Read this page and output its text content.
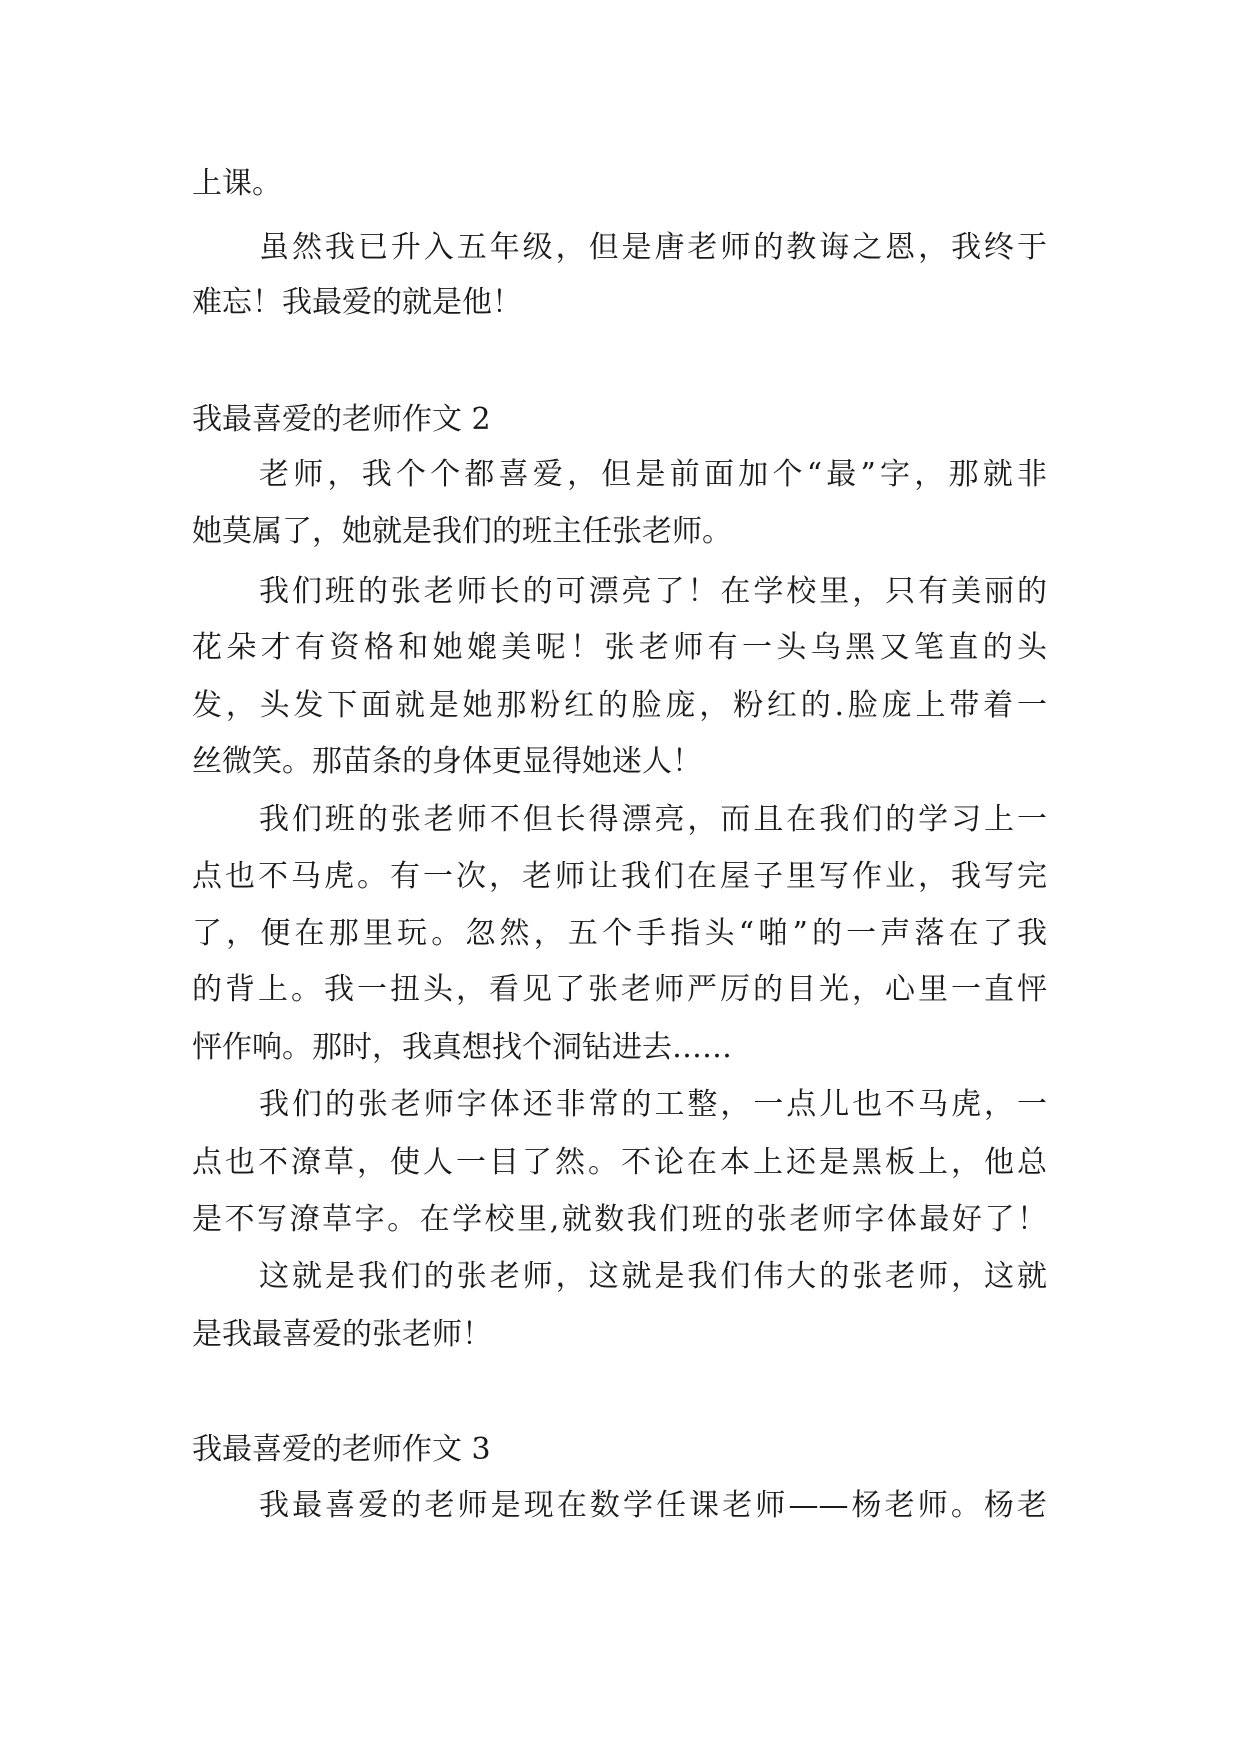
上课。
虽然我已升入五年级，但是唐老师的教诲之恩，我终于
难忘！我最爱的就是他！
我最喜爱的老师作文 2
老师，我个个都喜爱，但是前面加个“最”字，那就非
她莫属了，她就是我们的班主任张老师。
我们班的张老师长的可漂亮了！在学校里，只有美丽的
花朵才有资格和她媲美呢！张老师有一头乌黑又笔直的头
发，头发下面就是她那粉红的脸庞，粉红的.脸庞上带着一
丝微笑。那苗条的身体更显得她迷人！
我们班的张老师不但长得漂亮，而且在我们的学习上一
点也不马虎。有一次，老师让我们在屋子里写作业，我写完
了，便在那里玩。忽然，五个手指头“啪”的一声落在了我
的背上。我一扭头，看见了张老师严厉的目光，心里一直怦
怦作响。那时，我真想找个洞钻进去……
我们的张老师字体还非常的工整，一点儿也不马虎，一
点也不潦草，使人一目了然。不论在本上还是黑板上，他总
是不写潦草字。在学校里,就数我们班的张老师字体最好了！
这就是我们的张老师，这就是我们伟大的张老师，这就
是我最喜爱的张老师！
我最喜爱的老师作文 3
我最喜爱的老师是现在数学任课老师——杨老师。杨老
